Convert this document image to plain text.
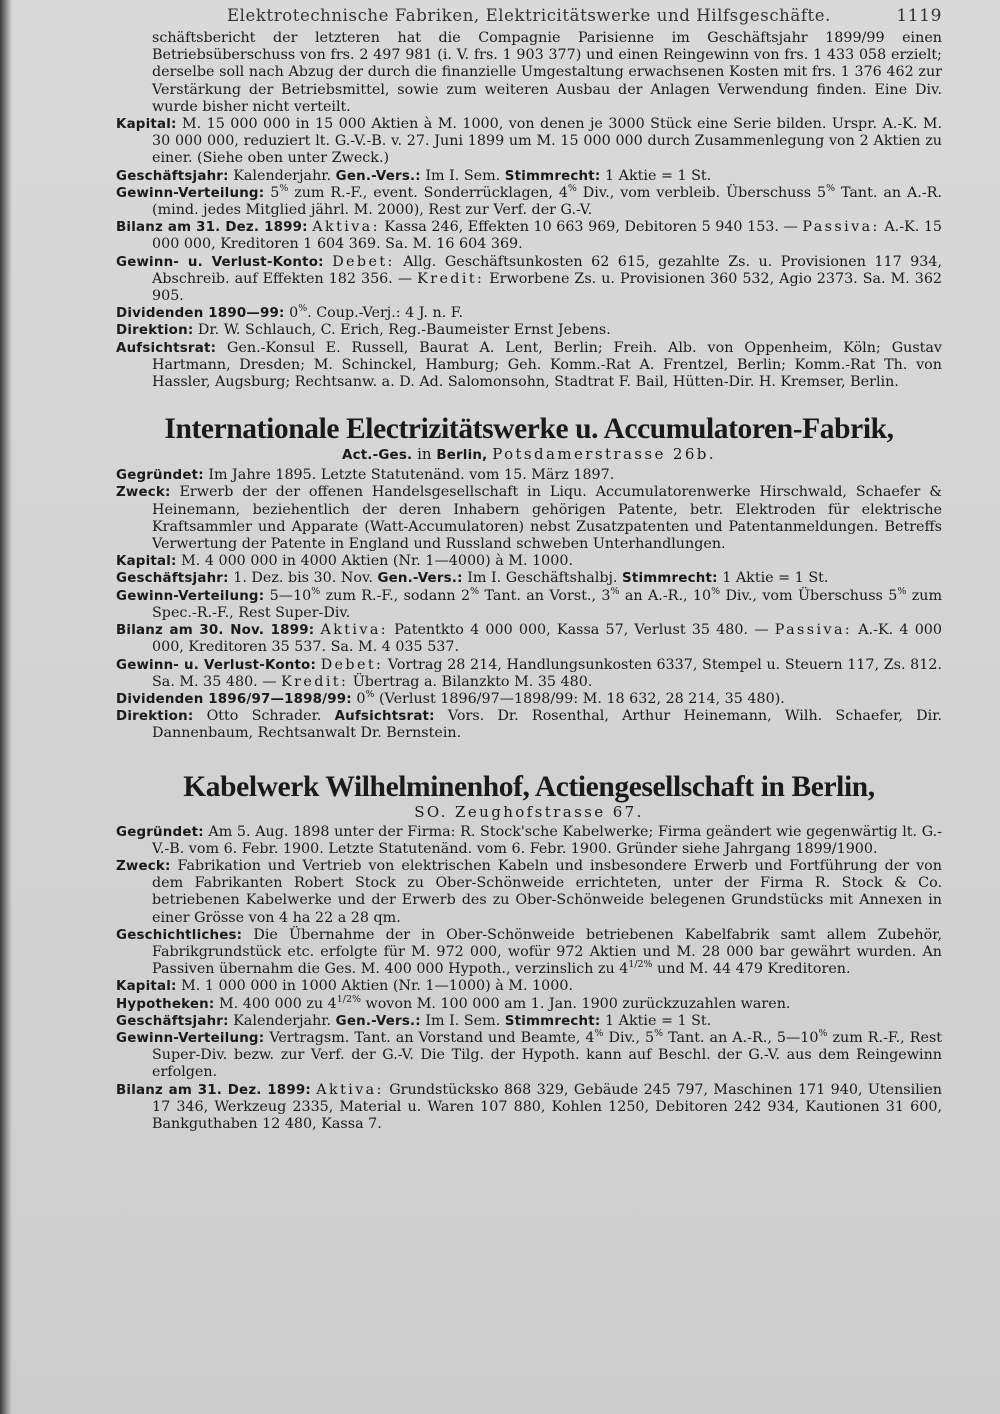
Elektrotechnische Fabriken, Elektricitätswerke und Hilfsgeschäfte.	1119

schäftsbericht der letzteren hat die Compagnie Parisienne im Geschäftsjahr 1899/99 einen Betriebsüberschuss von frs. 2 497 981 (i. V. frs. 1 903 377) und einen Reingewinn von frs. 1 433 058 erzielt; derselbe soll nach Abzug der durch die finanzielle Umgestaltung erwachsenen Kosten mit frs. 1 376 462 zur Verstärkung der Betriebsmittel, sowie zum weiteren Ausbau der Anlagen Verwendung finden. Eine Div. wurde bisher nicht verteilt.

Kapital: M. 15 000 000 in 15 000 Aktien à M. 1000, von denen je 3000 Stück eine Serie bilden. Urspr. A.-K. M. 30 000 000, reduziert lt. G.-V.-B. v. 27. Juni 1899 um M. 15 000 000 durch Zusammenlegung von 2 Aktien zu einer. (Siehe oben unter Zweck.)

Geschäftsjahr: Kalenderjahr. Gen.-Vers.: Im I. Sem. Stimmrecht: 1 Aktie = 1 St.

Gewinn-Verteilung: 5% zum R.-F., event. Sonderrücklagen, 4% Div., vom verbleib. Überschuss 5% Tant. an A.-R. (mind. jedes Mitglied jährl. M. 2000), Rest zur Verf. der G.-V.

Bilanz am 31. Dez. 1899: Aktiva: Kassa 246, Effekten 10 663 969, Debitoren 5 940 153. — Passiva: A.-K. 15 000 000, Kreditoren 1 604 369. Sa. M. 16 604 369.

Gewinn- u. Verlust-Konto: Debet: Allg. Geschäftsunkosten 62 615, gezahlte Zs. u. Provisionen 117 934, Abschreib. auf Effekten 182 356. — Kredit: Erworbene Zs. u. Provisionen 360 532, Agio 2373. Sa. M. 362 905.

Dividenden 1890—99: 0%. Coup.-Verj.: 4 J. n. F.

Direktion: Dr. W. Schlauch, C. Erich, Reg.-Baumeister Ernst Jebens.

Aufsichtsrat: Gen.-Konsul E. Russell, Baurat A. Lent, Berlin; Freih. Alb. von Oppenheim, Köln; Gustav Hartmann, Dresden; M. Schinckel, Hamburg; Geh. Komm.-Rat A. Frentzel, Berlin; Komm.-Rat Th. von Hassler, Augsburg; Rechtsanw. a. D. Ad. Salomonsohn, Stadtrat F. Bail, Hütten-Dir. H. Kremser, Berlin.

Internationale Electrizitätswerke u. Accumulatoren-Fabrik,
Act.-Ges. in Berlin, Potsdamerstrasse 26b.

Gegründet: Im Jahre 1895. Letzte Statutenänd. vom 15. März 1897.

Zweck: Erwerb der der offenen Handelsgesellschaft in Liqu. Accumulatorenwerke Hirschwald, Schaefer & Heinemann, beziehentlich der deren Inhabern gehörigen Patente, betr. Elektroden für elektrische Kraftsammler und Apparate (Watt-Accumulatoren) nebst Zusatzpatenten und Patentanmeldungen. Betreffs Verwertung der Patente in England und Russland schweben Unterhandlungen.

Kapital: M. 4 000 000 in 4000 Aktien (Nr. 1—4000) à M. 1000.

Geschäftsjahr: 1. Dez. bis 30. Nov. Gen.-Vers.: Im I. Geschäftshalbj. Stimmrecht: 1 Aktie = 1 St.

Gewinn-Verteilung: 5—10% zum R.-F., sodann 2% Tant. an Vorst., 3% an A.-R., 10% Div., vom Überschuss 5% zum Spec.-R.-F., Rest Super-Div.

Bilanz am 30. Nov. 1899: Aktiva: Patentkto 4 000 000, Kassa 57, Verlust 35 480. — Passiva: A.-K. 4 000 000, Kreditoren 35 537. Sa. M. 4 035 537.

Gewinn- u. Verlust-Konto: Debet: Vortrag 28 214, Handlungsunkosten 6337, Stempel u. Steuern 117, Zs. 812. Sa. M. 35 480. — Kredit: Übertrag a. Bilanzkto M. 35 480.

Dividenden 1896/97—1898/99: 0% (Verlust 1896/97—1898/99: M. 18 632, 28 214, 35 480).

Direktion: Otto Schrader. Aufsichtsrat: Vors. Dr. Rosenthal, Arthur Heinemann, Wilh. Schaefer, Dir. Dannenbaum, Rechtsanwalt Dr. Bernstein.

Kabelwerk Wilhelminenhof, Actiengesellschaft in Berlin,
SO. Zeughofstrasse 67.

Gegründet: Am 5. Aug. 1898 unter der Firma: R. Stock'sche Kabelwerke; Firma geändert wie gegenwärtig lt. G.-V.-B. vom 6. Febr. 1900. Letzte Statutenänd. vom 6. Febr. 1900. Gründer siehe Jahrgang 1899/1900.

Zweck: Fabrikation und Vertrieb von elektrischen Kabeln und insbesondere Erwerb und Fortführung der von dem Fabrikanten Robert Stock zu Ober-Schönweide errichteten, unter der Firma R. Stock & Co. betriebenen Kabelwerke und der Erwerb des zu Ober-Schönweide belegenen Grundstücks mit Annexen in einer Grösse von 4 ha 22 a 28 qm.

Geschichtliches: Die Übernahme der in Ober-Schönweide betriebenen Kabelfabrik samt allem Zubehör, Fabrikgrundstück etc. erfolgte für M. 972 000, wofür 972 Aktien und M. 28 000 bar gewährt wurden. An Passiven übernahm die Ges. M. 400 000 Hypoth., verzinslich zu $4^{1/2\%}$ und M. 44 479 Kreditoren.

Kapital: M. 1 000 000 in 1000 Aktien (Nr. 1—1000) à M. 1000.

Hypotheken: M. 400 000 zu $4^{1/2\%}$ wovon M. 100 000 am 1. Jan. 1900 zurückzuzahlen waren.

Geschäftsjahr: Kalenderjahr. Gen.-Vers.: Im I. Sem. Stimmrecht: 1 Aktie = 1 St.

Gewinn-Verteilung: Vertragsm. Tant. an Vorstand und Beamte, 4% Div., 5% Tant. an A.-R., 5—10% zum R.-F., Rest Super-Div. bezw. zur Verf. der G.-V. Die Tilg. der Hypoth. kann auf Beschl. der G.-V. aus dem Reingewinn erfolgen.

Bilanz am 31. Dez. 1899: Aktiva: Grundstücksko 868 329, Gebäude 245 797, Maschinen 171 940, Utensilien 17 346, Werkzeug 2335, Material u. Waren 107 880, Kohlen 1250, Debitoren 242 934, Kautionen 31 600, Bankguthaben 12 480, Kassa 7.
